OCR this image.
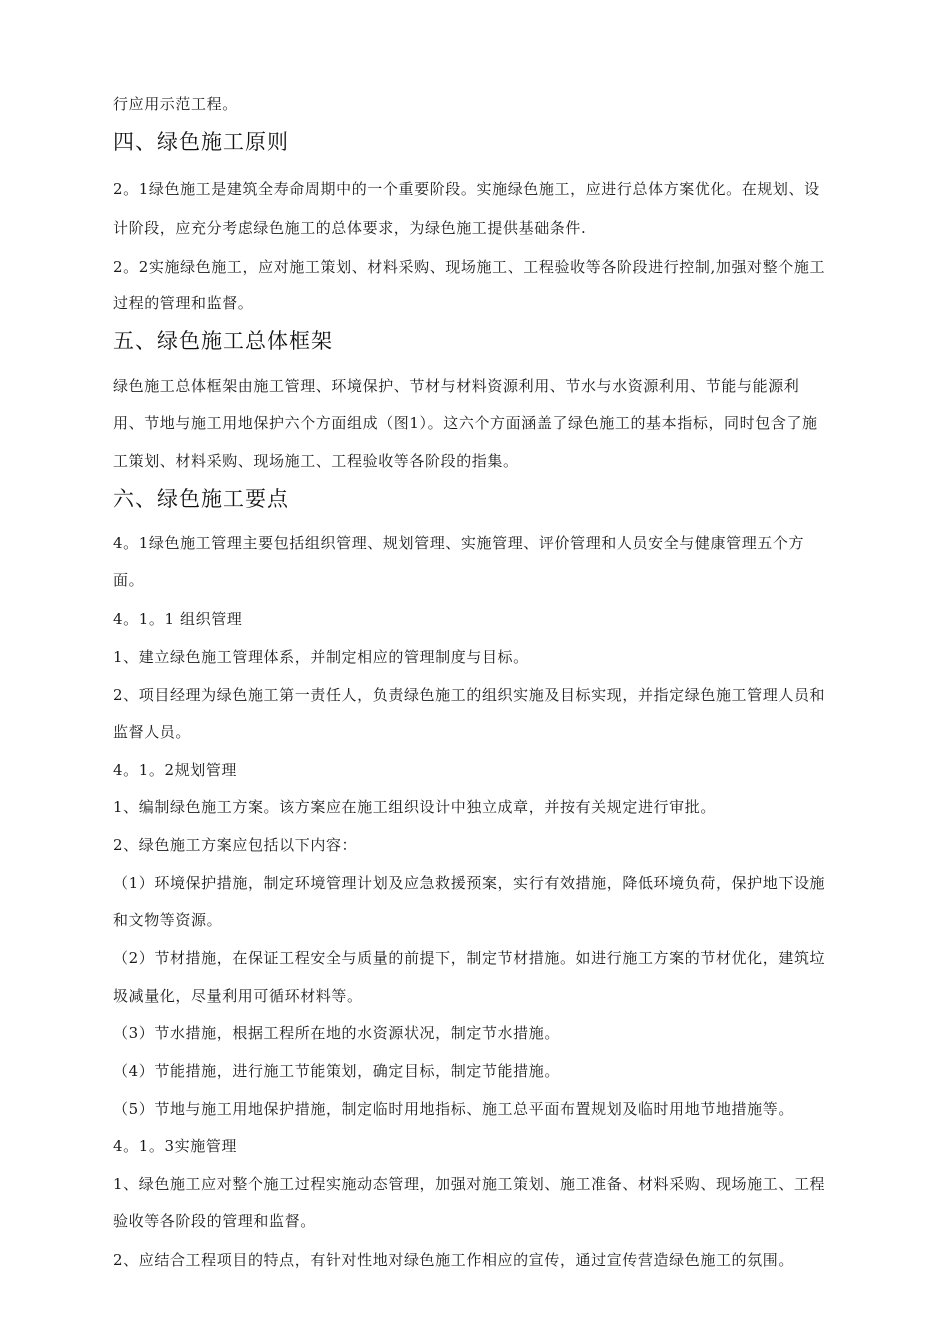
行应用示范工程。
四、绿色施工原则
2。1绿色施工是建筑全寿命周期中的一个重要阶段。实施绿色施工，应进行总体方案优化。在规划、设
计阶段，应充分考虑绿色施工的总体要求，为绿色施工提供基础条件.
2。2实施绿色施工，应对施工策划、材料采购、现场施工、工程验收等各阶段进行控制,加强对整个施工
过程的管理和监督。
五、绿色施工总体框架
绿色施工总体框架由施工管理、环境保护、节材与材料资源利用、节水与水资源利用、节能与能源利
用、节地与施工用地保护六个方面组成（图1）。这六个方面涵盖了绿色施工的基本指标，同时包含了施
工策划、材料采购、现场施工、工程验收等各阶段的指集。
六、绿色施工要点
4。1绿色施工管理主要包括组织管理、规划管理、实施管理、评价管理和人员安全与健康管理五个方
面。
4。1。1 组织管理
1、建立绿色施工管理体系，并制定相应的管理制度与目标。
2、项目经理为绿色施工第一责任人，负责绿色施工的组织实施及目标实现，并指定绿色施工管理人员和
监督人员。
4。1。2规划管理
1、编制绿色施工方案。该方案应在施工组织设计中独立成章，并按有关规定进行审批。
2、绿色施工方案应包括以下内容：
（1）环境保护措施，制定环境管理计划及应急救援预案，实行有效措施，降低环境负荷，保护地下设施
和文物等资源。
（2）节材措施，在保证工程安全与质量的前提下，制定节材措施。如进行施工方案的节材优化，建筑垃
圾减量化，尽量利用可循环材料等。
（3）节水措施，根据工程所在地的水资源状况，制定节水措施。
（4）节能措施，进行施工节能策划，确定目标，制定节能措施。
（5）节地与施工用地保护措施，制定临时用地指标、施工总平面布置规划及临时用地节地措施等。
4。1。3实施管理
1、绿色施工应对整个施工过程实施动态管理，加强对施工策划、施工准备、材料采购、现场施工、工程
验收等各阶段的管理和监督。
2、应结合工程项目的特点，有针对性地对绿色施工作相应的宣传，通过宣传营造绿色施工的氛围。
